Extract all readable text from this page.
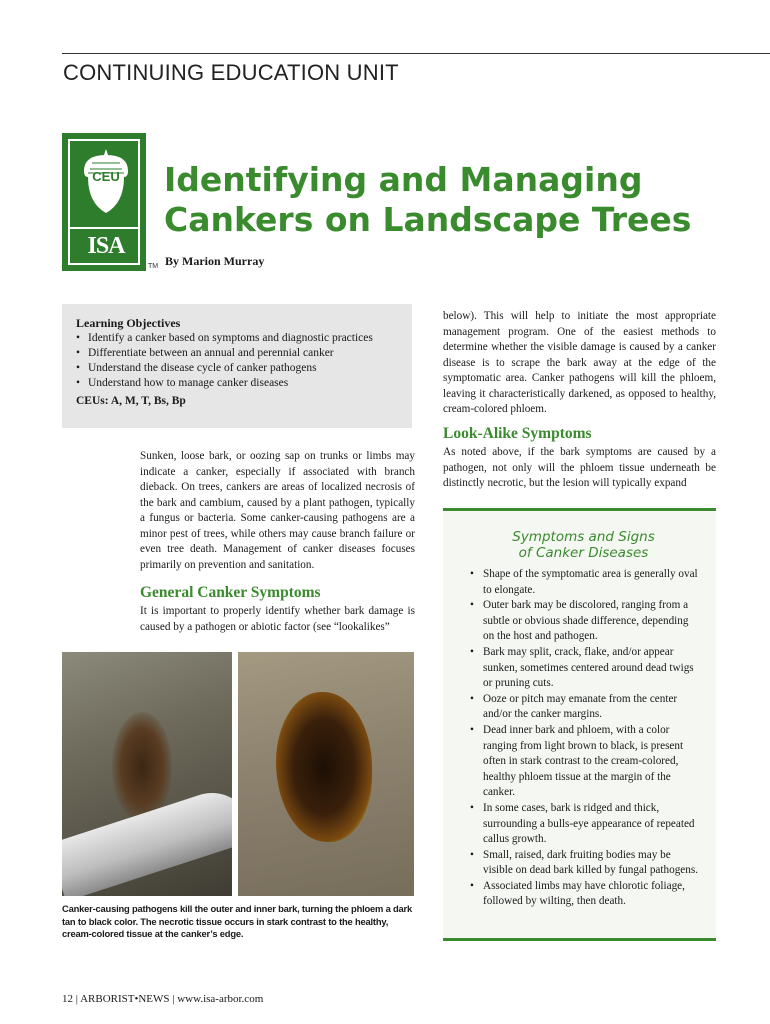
CONTINUING EDUCATION UNIT
CEU
ISA
TM
Identifying and Managing Cankers on Landscape Trees
By Marion Murray
Learning Objectives
• Identify a canker based on symptoms and diagnostic practices
• Differentiate between an annual and perennial canker
• Understand the disease cycle of canker pathogens
• Understand how to manage canker diseases
CEUs: A, M, T, Bs, Bp

Sunken, loose bark, or oozing sap on trunks or limbs may indicate a canker, especially if associated with branch dieback. On trees, cankers are areas of localized necrosis of the bark and cambium, caused by a plant pathogen, typically a fungus or bacteria. Some canker-causing pathogens are a minor pest of trees, while others may cause branch failure or even tree death. Management of canker diseases focuses primarily on prevention and sanitation.

General Canker Symptoms

It is important to properly identify whether bark damage is caused by a pathogen or abiotic factor (see “lookalikes”

Canker-causing pathogens kill the outer and inner bark, turning the phloem a dark tan to black color. The necrotic tissue occurs in stark contrast to the healthy, cream-colored tissue at the canker’s edge.

below). This will help to initiate the most appropriate management program. One of the easiest methods to determine whether the visible damage is caused by a canker disease is to scrape the bark away at the edge of the symptomatic area. Canker pathogens will kill the phloem, leaving it characteristically darkened, as opposed to healthy, cream-colored phloem.

Look-Alike Symptoms

As noted above, if the bark symptoms are caused by a pathogen, not only will the phloem tissue underneath be distinctly necrotic, but the lesion will typically expand

Symptoms and Signs
of Canker Diseases
• Shape of the symptomatic area is generally oval to elongate.
• Outer bark may be discolored, ranging from a subtle or obvious shade difference, depending on the host and pathogen.
• Bark may split, crack, flake, and/or appear sunken, sometimes centered around dead twigs or pruning cuts.
• Ooze or pitch may emanate from the center and/or the canker margins.
• Dead inner bark and phloem, with a color ranging from light brown to black, is present often in stark contrast to the cream-colored, healthy phloem tissue at the margin of the canker.
• In some cases, bark is ridged and thick, surrounding a bulls-eye appearance of repeated callus growth.
• Small, raised, dark fruiting bodies may be visible on dead bark killed by fungal pathogens.
• Associated limbs may have chlorotic foliage, followed by wilting, then death.
12 | ARBORIST•NEWS | www.isa-arbor.com
